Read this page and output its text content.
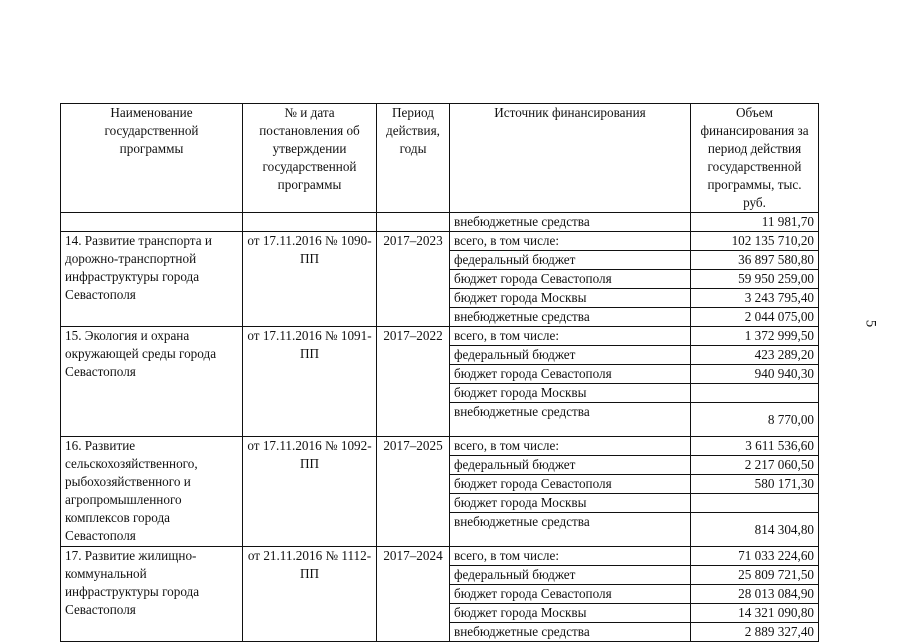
5
Наименование государственной программы	№ и дата постановления об утверждении государственной программы	Период действия, годы	Источник финансирования	Объем финансирования за период действия государственной программы, тыс. руб.
			внебюджетные средства	11 981,70
14. Развитие транспорта и дорожно-транспортной инфраструктуры города Севастополя	от 17.11.2016 № 1090-ПП	2017–2023	всего, в том числе:	102 135 710,20
			федеральный бюджет	36 897 580,80
			бюджет города Севастополя	59 950 259,00
			бюджет города Москвы	3 243 795,40
			внебюджетные средства	2 044 075,00
15. Экология и охрана окружающей среды города Севастополя	от 17.11.2016 № 1091-ПП	2017–2022	всего, в том числе:	1 372 999,50
			федеральный бюджет	423 289,20
			бюджет города Севастополя	940 940,30
			бюджет города Москвы	
			внебюджетные средства	8 770,00
16. Развитие сельскохозяйственного, рыбохозяйственного и агропромышленного комплексов города Севастополя	от 17.11.2016 № 1092-ПП	2017–2025	всего, в том числе:	3 611 536,60
			федеральный бюджет	2 217 060,50
			бюджет города Севастополя	580 171,30
			бюджет города Москвы	
			внебюджетные средства	814 304,80
17. Развитие жилищно-коммунальной инфраструктуры города Севастополя	от 21.11.2016 № 1112-ПП	2017–2024	всего, в том числе:	71 033 224,60
			федеральный бюджет	25 809 721,50
			бюджет города Севастополя	28 013 084,90
			бюджет города Москвы	14 321 090,80
			внебюджетные средства	2 889 327,40
